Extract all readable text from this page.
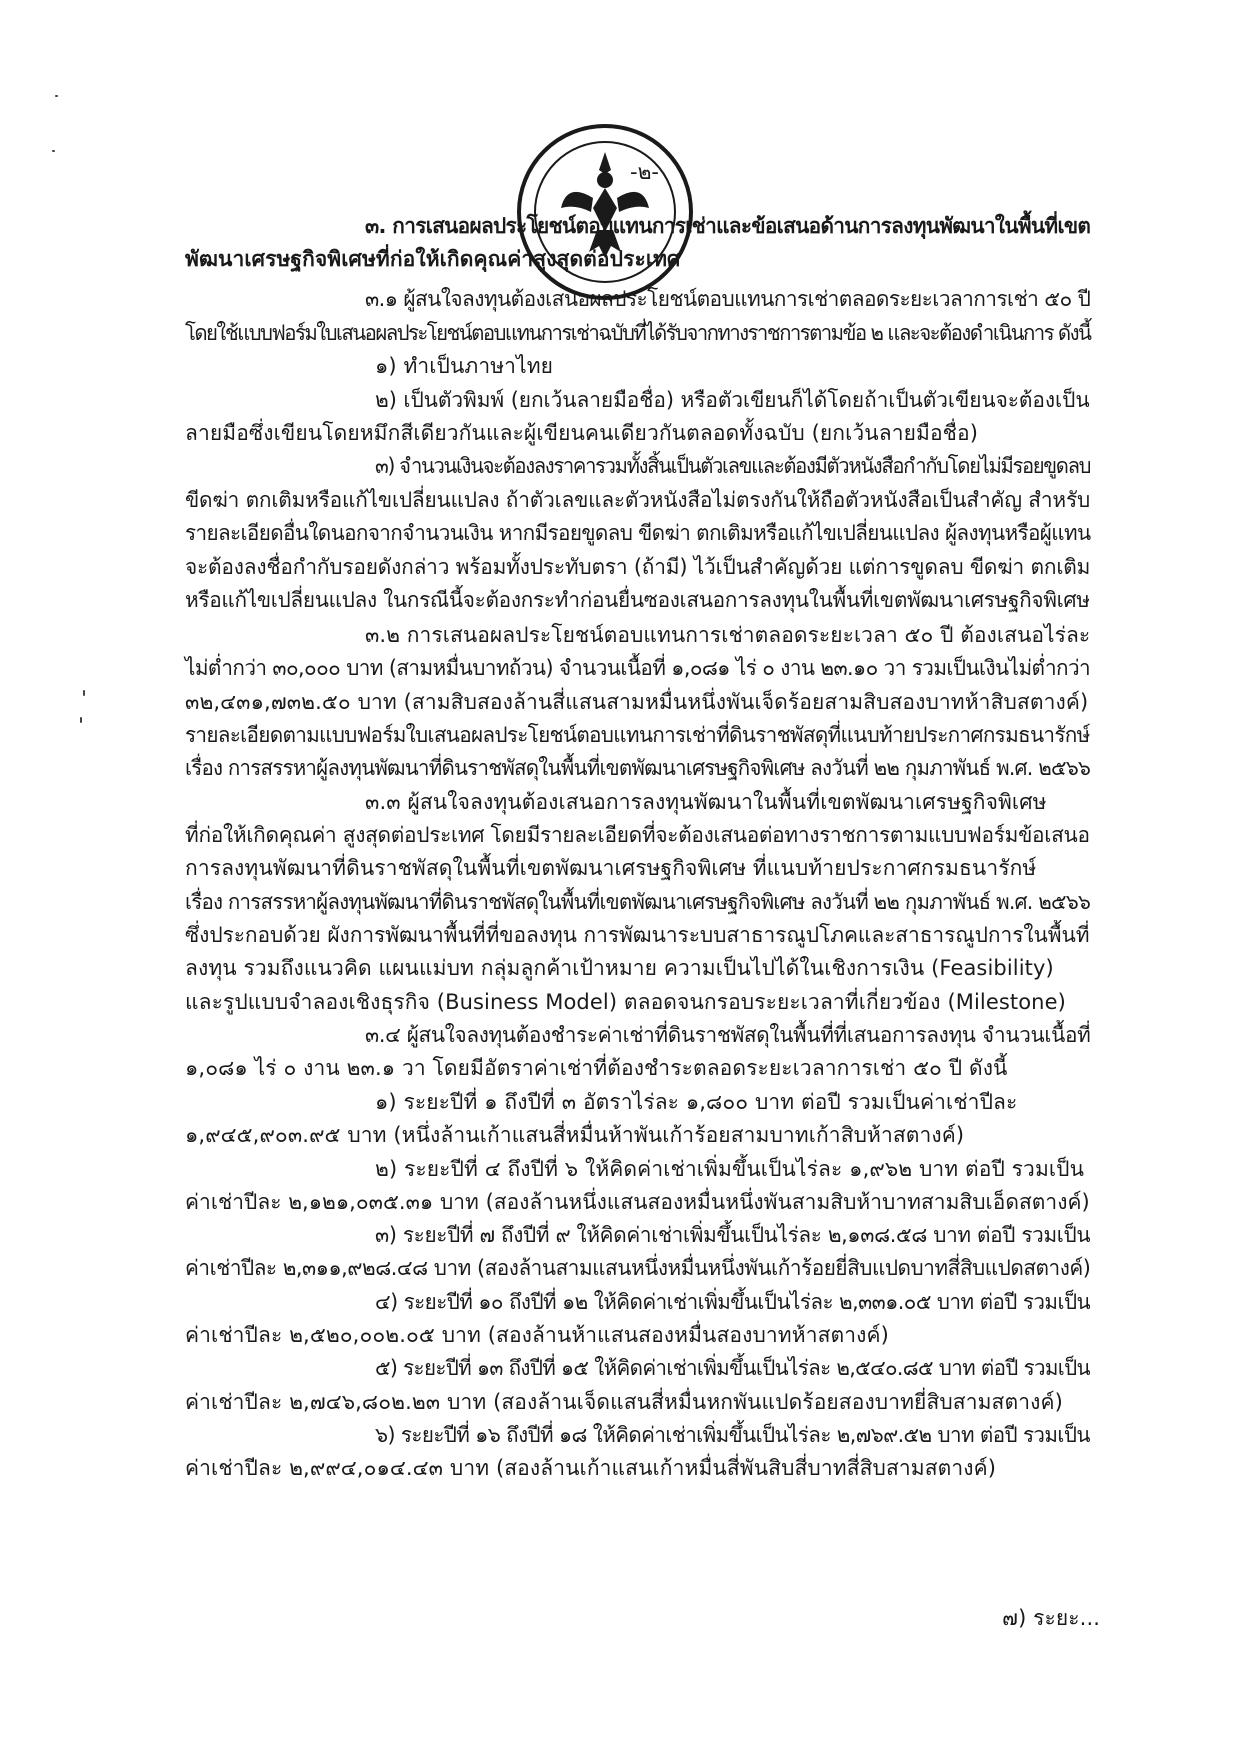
-๒-
๓. การเสนอผลประโยชน์ตอบแทนการเช่าและข้อเสนอด้านการลงทุนพัฒนาในพื้นที่เขต
พัฒนาเศรษฐกิจพิเศษที่ก่อให้เกิดคุณค่าสูงสุดต่อประเทศ
๓.๑ ผู้สนใจลงทุนต้องเสนอผลประโยชน์ตอบแทนการเช่าตลอดระยะเวลาการเช่า ๕๐ ปี
โดยใช้แบบฟอร์มใบเสนอผลประโยชน์ตอบแทนการเช่าฉบับที่ได้รับจากทางราชการตามข้อ ๒ และจะต้องดำเนินการ ดังนี้
๑) ทำเป็นภาษาไทย
๒) เป็นตัวพิมพ์ (ยกเว้นลายมือชื่อ) หรือตัวเขียนก็ได้โดยถ้าเป็นตัวเขียนจะต้องเป็น
ลายมือซึ่งเขียนโดยหมึกสีเดียวกันและผู้เขียนคนเดียวกันตลอดทั้งฉบับ (ยกเว้นลายมือชื่อ)
๓) จำนวนเงินจะต้องลงราคารวมทั้งสิ้นเป็นตัวเลขและต้องมีตัวหนังสือกำกับโดยไม่มีรอยขูดลบ
ขีดฆ่า ตกเติมหรือแก้ไขเปลี่ยนแปลง ถ้าตัวเลขและตัวหนังสือไม่ตรงกันให้ถือตัวหนังสือเป็นสำคัญ สำหรับ
รายละเอียดอื่นใดนอกจากจำนวนเงิน หากมีรอยขูดลบ ขีดฆ่า ตกเติมหรือแก้ไขเปลี่ยนแปลง ผู้ลงทุนหรือผู้แทน
จะต้องลงชื่อกำกับรอยดังกล่าว พร้อมทั้งประทับตรา (ถ้ามี) ไว้เป็นสำคัญด้วย แต่การขูดลบ ขีดฆ่า ตกเติม
หรือแก้ไขเปลี่ยนแปลง ในกรณีนี้จะต้องกระทำก่อนยื่นซองเสนอการลงทุนในพื้นที่เขตพัฒนาเศรษฐกิจพิเศษ
๓.๒ การเสนอผลประโยชน์ตอบแทนการเช่าตลอดระยะเวลา ๕๐ ปี ต้องเสนอไร่ละ
ไม่ต่ำกว่า ๓๐,๐๐๐ บาท (สามหมื่นบาทถ้วน) จำนวนเนื้อที่ ๑,๐๘๑ ไร่ ๐ งาน ๒๓.๑๐ วา รวมเป็นเงินไม่ต่ำกว่า
๓๒,๔๓๑,๗๓๒.๕๐ บาท (สามสิบสองล้านสี่แสนสามหมื่นหนึ่งพันเจ็ดร้อยสามสิบสองบาทห้าสิบสตางค์)
รายละเอียดตามแบบฟอร์มใบเสนอผลประโยชน์ตอบแทนการเช่าที่ดินราชพัสดุที่แนบท้ายประกาศกรมธนารักษ์
เรื่อง การสรรหาผู้ลงทุนพัฒนาที่ดินราชพัสดุในพื้นที่เขตพัฒนาเศรษฐกิจพิเศษ ลงวันที่ ๒๒ กุมภาพันธ์ พ.ศ. ๒๕๖๖
๓.๓ ผู้สนใจลงทุนต้องเสนอการลงทุนพัฒนาในพื้นที่เขตพัฒนาเศรษฐกิจพิเศษ
ที่ก่อให้เกิดคุณค่า สูงสุดต่อประเทศ โดยมีรายละเอียดที่จะต้องเสนอต่อทางราชการตามแบบฟอร์มข้อเสนอ
การลงทุนพัฒนาที่ดินราชพัสดุในพื้นที่เขตพัฒนาเศรษฐกิจพิเศษ ที่แนบท้ายประกาศกรมธนารักษ์
เรื่อง การสรรหาผู้ลงทุนพัฒนาที่ดินราชพัสดุในพื้นที่เขตพัฒนาเศรษฐกิจพิเศษ ลงวันที่ ๒๒ กุมภาพันธ์ พ.ศ. ๒๕๖๖
ซึ่งประกอบด้วย ผังการพัฒนาพื้นที่ที่ขอลงทุน การพัฒนาระบบสาธารณูปโภคและสาธารณูปการในพื้นที่
ลงทุน รวมถึงแนวคิด แผนแม่บท กลุ่มลูกค้าเป้าหมาย ความเป็นไปได้ในเชิงการเงิน (Feasibility)
และรูปแบบจำลองเชิงธุรกิจ (Business Model) ตลอดจนกรอบระยะเวลาที่เกี่ยวข้อง (Milestone)
๓.๔ ผู้สนใจลงทุนต้องชำระค่าเช่าที่ดินราชพัสดุในพื้นที่ที่เสนอการลงทุน จำนวนเนื้อที่
๑,๐๘๑ ไร่ ๐ งาน ๒๓.๑ วา โดยมีอัตราค่าเช่าที่ต้องชำระตลอดระยะเวลาการเช่า ๕๐ ปี ดังนี้
๑) ระยะปีที่ ๑ ถึงปีที่ ๓ อัตราไร่ละ ๑,๘๐๐ บาท ต่อปี รวมเป็นค่าเช่าปีละ
๑,๙๔๕,๙๐๓.๙๕ บาท (หนึ่งล้านเก้าแสนสี่หมื่นห้าพันเก้าร้อยสามบาทเก้าสิบห้าสตางค์)
๒) ระยะปีที่ ๔ ถึงปีที่ ๖ ให้คิดค่าเช่าเพิ่มขึ้นเป็นไร่ละ ๑,๙๖๒ บาท ต่อปี รวมเป็น
ค่าเช่าปีละ ๒,๑๒๑,๐๓๕.๓๑ บาท (สองล้านหนึ่งแสนสองหมื่นหนึ่งพันสามสิบห้าบาทสามสิบเอ็ดสตางค์)
๓) ระยะปีที่ ๗ ถึงปีที่ ๙ ให้คิดค่าเช่าเพิ่มขึ้นเป็นไร่ละ ๒,๑๓๘.๕๘ บาท ต่อปี รวมเป็น
ค่าเช่าปีละ ๒,๓๑๑,๙๒๘.๔๘ บาท (สองล้านสามแสนหนึ่งหมื่นหนึ่งพันเก้าร้อยยี่สิบแปดบาทสี่สิบแปดสตางค์)
๔) ระยะปีที่ ๑๐ ถึงปีที่ ๑๒ ให้คิดค่าเช่าเพิ่มขึ้นเป็นไร่ละ ๒,๓๓๑.๐๕ บาท ต่อปี รวมเป็น
ค่าเช่าปีละ ๒,๕๒๐,๐๐๒.๐๕ บาท (สองล้านห้าแสนสองหมื่นสองบาทห้าสตางค์)
๕) ระยะปีที่ ๑๓ ถึงปีที่ ๑๕ ให้คิดค่าเช่าเพิ่มขึ้นเป็นไร่ละ ๒,๕๔๐.๘๕ บาท ต่อปี รวมเป็น
ค่าเช่าปีละ ๒,๗๔๖,๘๐๒.๒๓ บาท (สองล้านเจ็ดแสนสี่หมื่นหกพันแปดร้อยสองบาทยี่สิบสามสตางค์)
๖) ระยะปีที่ ๑๖ ถึงปีที่ ๑๘ ให้คิดค่าเช่าเพิ่มขึ้นเป็นไร่ละ ๒,๗๖๙.๕๒ บาท ต่อปี รวมเป็น
ค่าเช่าปีละ ๒,๙๙๔,๐๑๔.๔๓ บาท (สองล้านเก้าแสนเก้าหมื่นสี่พันสิบสี่บาทสี่สิบสามสตางค์)
๗) ระยะ...
